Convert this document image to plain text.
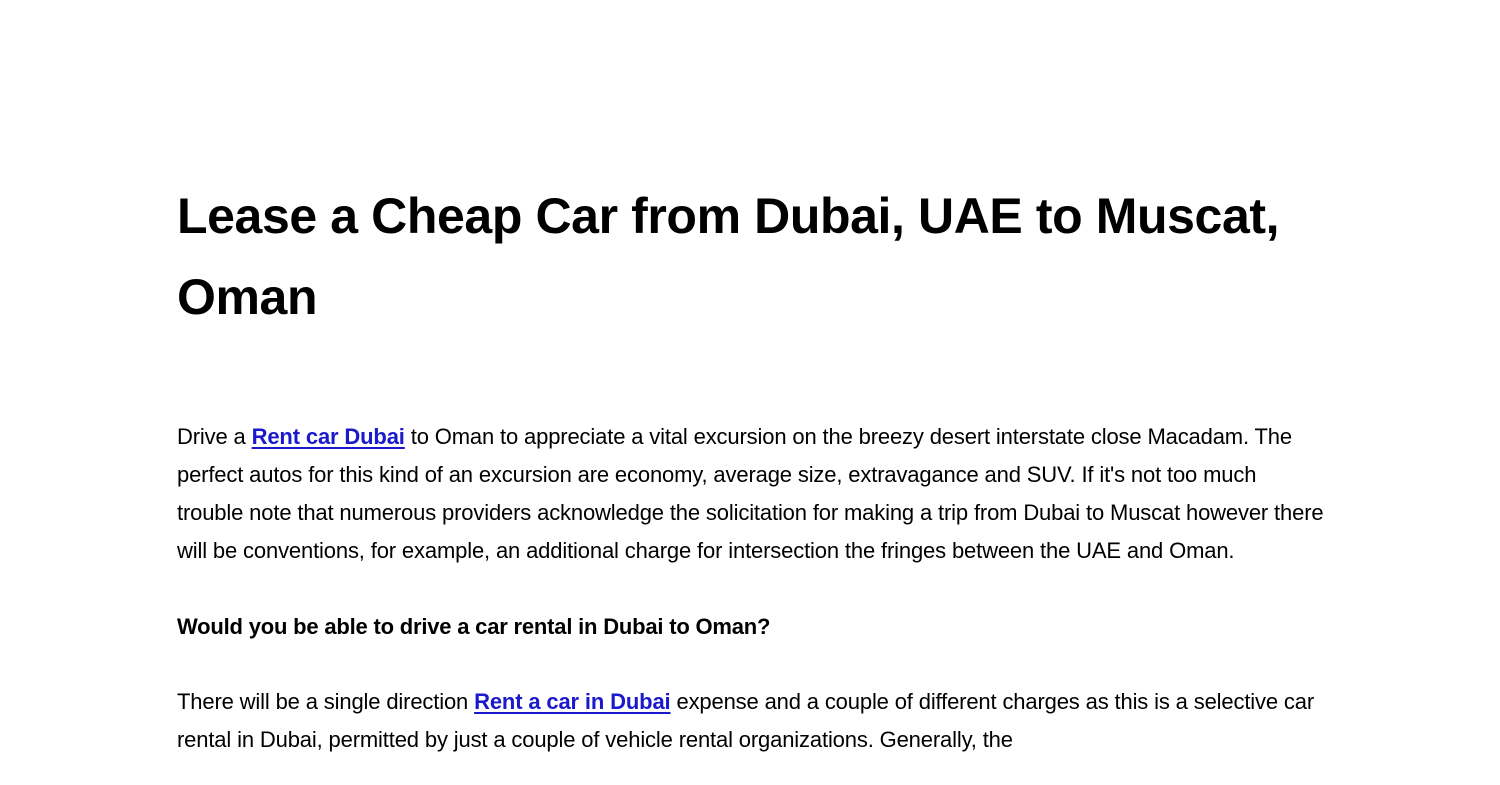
Lease a Cheap Car from Dubai, UAE to Muscat, Oman

Drive a Rent car Dubai to Oman to appreciate a vital excursion on the breezy desert interstate close Macadam. The perfect autos for this kind of an excursion are economy, average size, extravagance and SUV. If it's not too much trouble note that numerous providers acknowledge the solicitation for making a trip from Dubai to Muscat however there will be conventions, for example, an additional charge for intersection the fringes between the UAE and Oman.

Would you be able to drive a car rental in Dubai to Oman?

There will be a single direction Rent a car in Dubai expense and a couple of different charges as this is a selective car rental in Dubai, permitted by just a couple of vehicle rental organizations. Generally, the
